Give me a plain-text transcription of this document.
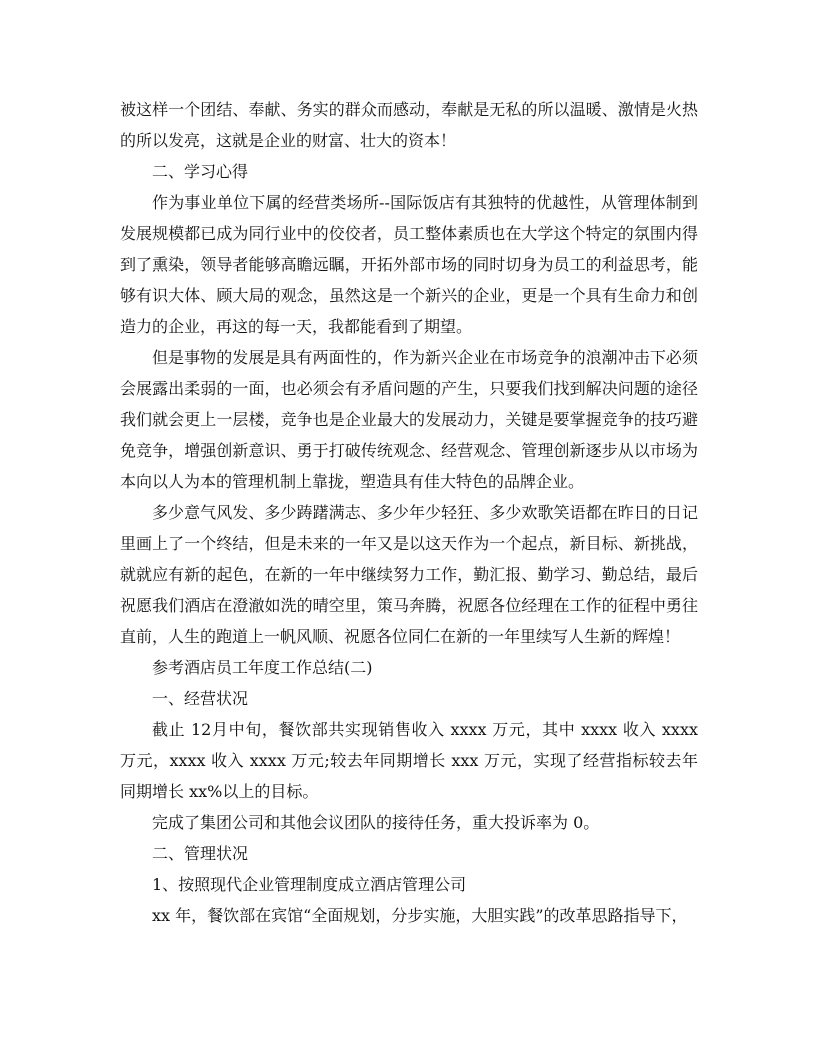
被这样一个团结、奉献、务实的群众而感动，奉献是无私的所以温暖、激情是火热的所以发亮，这就是企业的财富、壮大的资本！

二、学习心得

作为事业单位下属的经营类场所--国际饭店有其独特的优越性，从管理体制到发展规模都已成为同行业中的佼佼者，员工整体素质也在大学这个特定的氛围内得到了熏染，领导者能够高瞻远瞩，开拓外部市场的同时切身为员工的利益思考，能够有识大体、顾大局的观念，虽然这是一个新兴的企业，更是一个具有生命力和创造力的企业，再这的每一天，我都能看到了期望。

但是事物的发展是具有两面性的，作为新兴企业在市场竞争的浪潮冲击下必须会展露出柔弱的一面，也必须会有矛盾问题的产生，只要我们找到解决问题的途径我们就会更上一层楼，竞争也是企业最大的发展动力，关键是要掌握竞争的技巧避免竞争，增强创新意识、勇于打破传统观念、经营观念、管理创新逐步从以市场为本向以人为本的管理机制上靠拢，塑造具有佳大特色的品牌企业。

多少意气风发、多少踌躇满志、多少年少轻狂、多少欢歌笑语都在昨日的日记里画上了一个终结，但是未来的一年又是以这天作为一个起点，新目标、新挑战，就就应有新的起色，在新的一年中继续努力工作，勤汇报、勤学习、勤总结，最后祝愿我们酒店在澄澈如洗的晴空里，策马奔腾，祝愿各位经理在工作的征程中勇往直前，人生的跑道上一帆风顺、祝愿各位同仁在新的一年里续写人生新的辉煌！

参考酒店员工年度工作总结(二)

一、经营状况

截止 12月中旬，餐饮部共实现销售收入 xxxx 万元，其中 xxxx 收入 xxxx 万元，xxxx 收入 xxxx 万元;较去年同期增长 xxx 万元，实现了经营指标较去年同期增长 xx%以上的目标。

完成了集团公司和其他会议团队的接待任务，重大投诉率为 0。

二、管理状况

1、按照现代企业管理制度成立酒店管理公司

xx 年，餐饮部在宾馆“全面规划，分步实施，大胆实践”的改革思路指导下，
